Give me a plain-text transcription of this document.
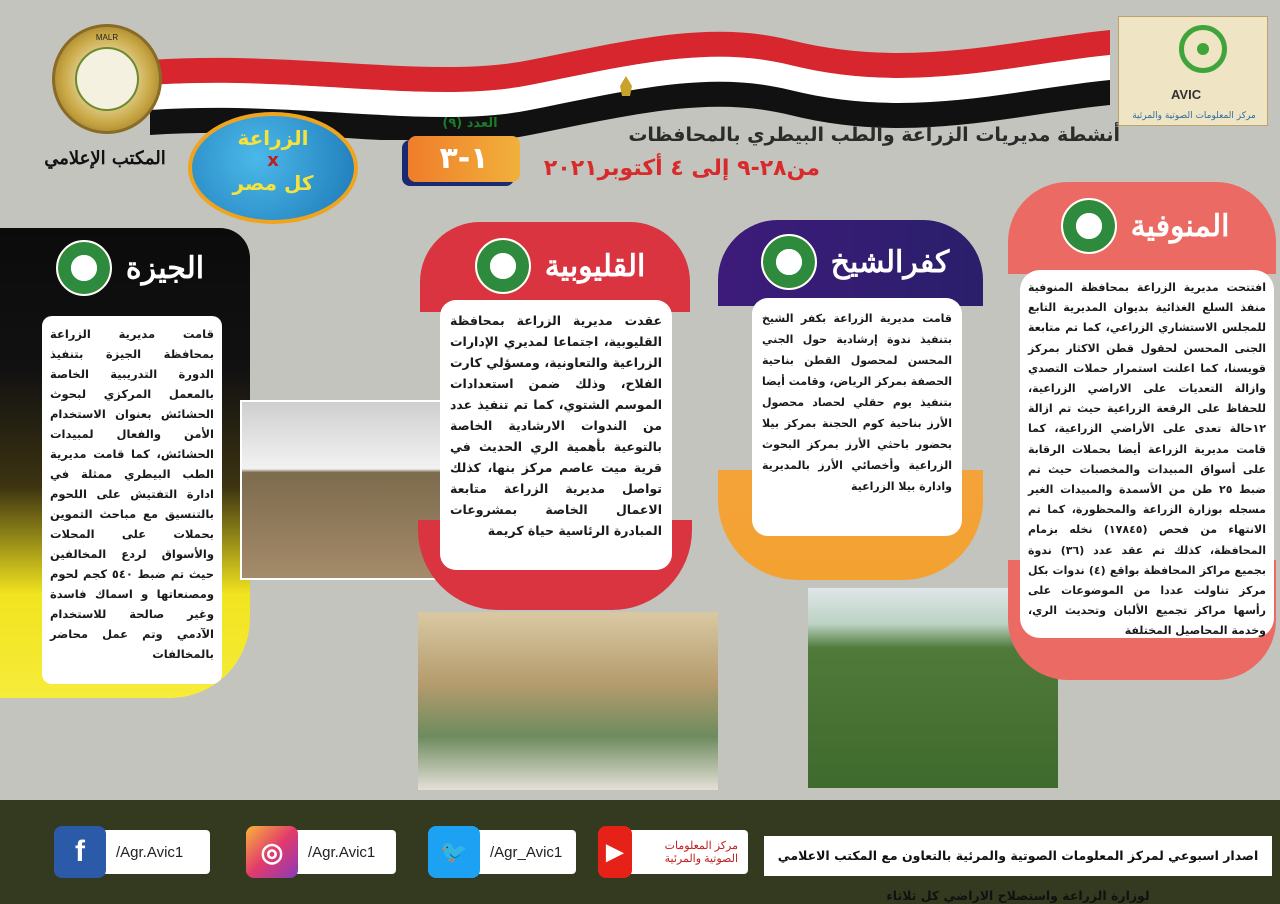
MALR
المكتب الإعلامي
AVIC
مركز المعلومات الصوتية والمرئية
الزراعة
x
كل مصر
العدد (٩)
١-٣
أنشطة مديريات الزراعة والطب البيطري بالمحافظات
من٢٨-٩ إلى ٤ أكتوبر٢٠٢١
الجيزة

قامت مديرية الزراعة بمحافظة الجيزة بتنفيذ الدورة التدريبية الخاصة بالمعمل المركزي لبحوث الحشائش بعنوان الاستخدام الأمن والفعال لمبيدات الحشائش، كما قامت مديرية الطب البيطري ممثلة في ادارة التفتيش على اللحوم بالتنسيق مع مباحث التموين بحملات على المحلات والأسواق لردع المخالفين حيث تم ضبط ٥٤٠ كجم لحوم ومصنعاتها و اسماك فاسدة وغير صالحة للاستخدام الآدمي وتم عمل محاضر بالمخالفات

القليوبية

عقدت مديرية الزراعة بمحافظة القليوبية، اجتماعا لمديري الإدارات الزراعية والتعاونية، ومسؤلي كارت الفلاح، وذلك ضمن استعدادات الموسم الشتوي، كما تم تنفيذ عدد من الندوات الارشادية الخاصة بالتوعية بأهمية الري الحديث في قرية ميت عاصم مركز بنها، كذلك تواصل مديرية الزراعة متابعة الاعمال الخاصة بمشروعات المبادرة الرئاسية حياة كريمة

كفرالشيخ

قامت مديرية الزراعة بكفر الشيخ بتنفيذ ندوة إرشادية حول الجني المحسن لمحصول القطن بناحية الحصفة بمركز الرياض، وقامت أيضا بتنفيذ يوم حقلي لحصاد محصول الأرز بناحية كوم الحجنة بمركز بيلا بحضور باحثي الأرز بمركز البحوث الزراعية وأخصائي الأرز بالمديرية وادارة بيلا الزراعية

المنوفية

افتتحت مديرية الزراعة بمحافظة المنوفية منفذ السلع الغذائية بديوان المديرية التابع للمجلس الاستشاري الزراعي، كما تم متابعة الجنى المحسن لحقول قطن الاكثار بمركز قويسنا، كما اعلنت استمرار حملات التصدي وازالة التعديات على الاراضي الزراعية، للحفاظ على الرقعة الزراعية حيث تم ازالة ١٢حالة تعدى على الأراضي الزراعية، كما قامت مديرية الزراعة أيضا بحملات الرقابة على أسواق المبيدات والمخصبات حيث تم ضبط ٢٥ طن من الأسمدة والمبيدات الغير مسجله بوزارة الزراعة والمحظورة، كما تم الانتهاء من فحص (١٧٨٤٥) نخله بزمام المحافظة، كذلك تم عقد عدد (٣٦) ندوة بجميع مراكز المحافظة بواقع (٤) ندوات بكل مركز تناولت عددا من الموضوعات على رأسها مراكز تجميع الألبان وتحديث الري، وخدمة المحاصيل المختلفة

f	/Agr.Avic1	◎	/Agr.Avic1	🐦	/Agr_Avic1	▶	مركز المعلومات الصوتية والمرئية	اصدار اسبوعي لمركز المعلومات الصوتية والمرئية بالتعاون مع المكتب الاعلامي لوزارة الزراعة واستصلاح الاراضي كل ثلاثاء
